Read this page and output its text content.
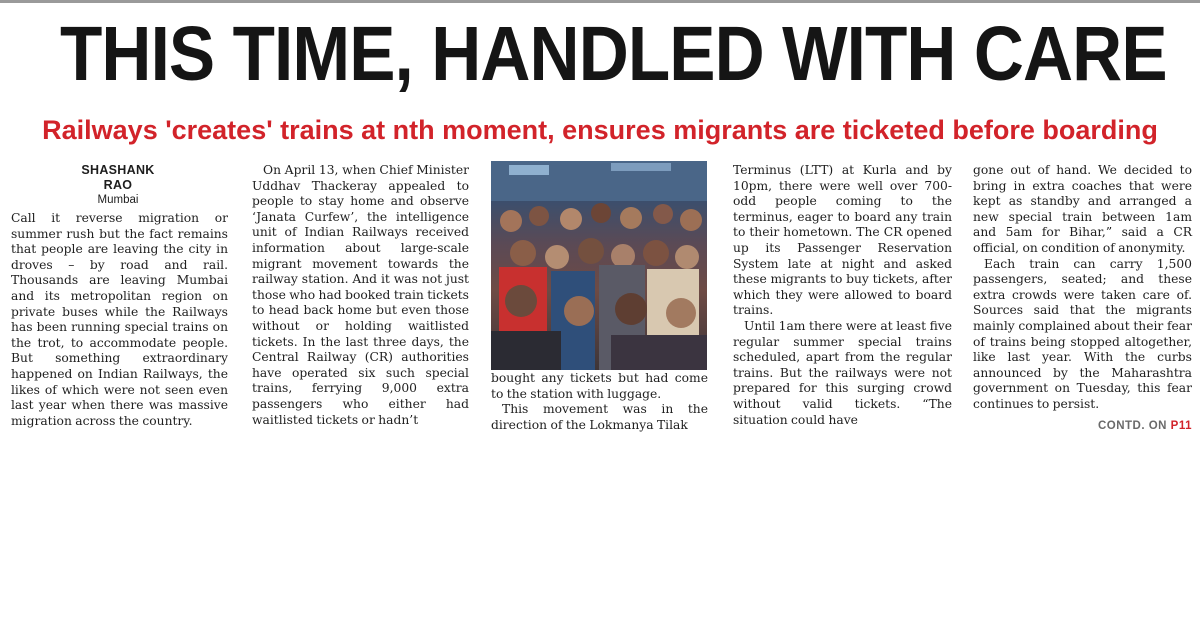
THIS TIME, HANDLED WITH CARE
Railways 'creates' trains at nth moment, ensures migrants are ticketed before boarding
SHASHANK RAO
Mumbai

Call it reverse migration or summer rush but the fact remains that people are leaving the city in droves – by road and rail. Thousands are leaving Mumbai and its metropolitan region on private buses while the Railways has been running special trains on the trot, to accommodate people. But something extraordinary happened on Indian Railways, the likes of which were not seen even last year when there was massive migration across the country.

On April 13, when Chief Minister Uddhav Thackeray appealed to people to stay home and observe ‘Janata Curfew’, the intelligence unit of Indian Railways received information about large-scale migrant movement towards the railway station. And it was not just those who had booked train tickets to head back home but even those without or holding waitlisted tickets. In the last three days, the Central Railway (CR) authorities have operated six such special trains, ferrying 9,000 extra passengers who either had waitlisted tickets or hadn’t

bought any tickets but had come to the station with luggage.

This movement was in the direction of the Lokmanya Tilak

Terminus (LTT) at Kurla and by 10pm, there were well over 700-odd people coming to the terminus, eager to board any train to their hometown. The CR opened up its Passenger Reservation System late at night and asked these migrants to buy tickets, after which they were allowed to board trains.

Until 1am there were at least five regular summer special trains scheduled, apart from the regular trains. But the railways were not prepared for this surging crowd without valid tickets. “The situation could have

gone out of hand. We decided to bring in extra coaches that were kept as standby and arranged a new special train between 1am and 5am for Bihar,” said a CR official, on condition of anonymity.

Each train can carry 1,500 passengers, seated; and these extra crowds were taken care of. Sources said that the migrants mainly complained about their fear of trains being stopped altogether, like last year. With the curbs announced by the Maharashtra government on Tuesday, this fear continues to persist.

CONTD. ON P11
